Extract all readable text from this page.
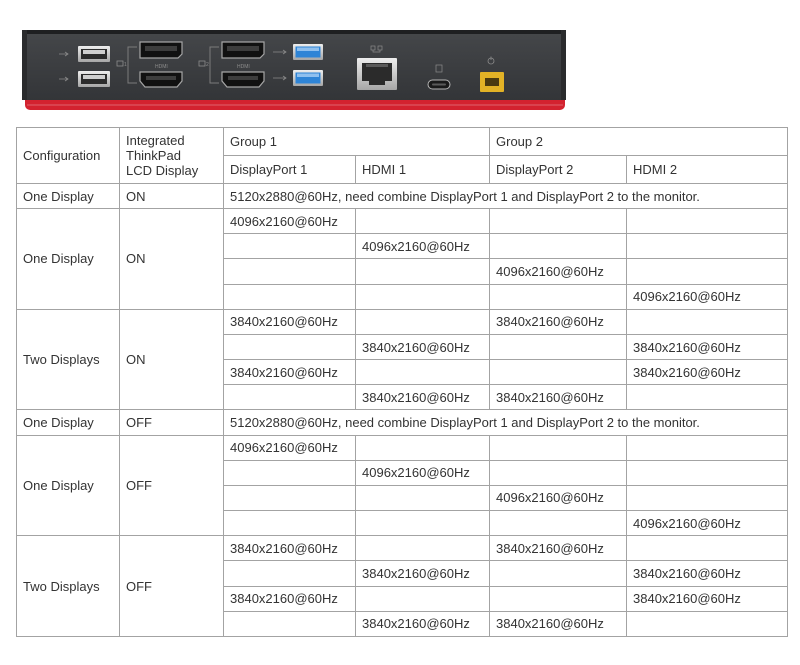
1	HDMI	2	HDMI
Configuration	Integrated
ThinkPad
LCD Display	Group 1		Group 2	
		DisplayPort 1	HDMI 1	DisplayPort 2	HDMI 2
One Display	ON	5120x2880@60Hz, need combine DisplayPort 1 and DisplayPort 2 to the monitor.			
One Display	ON	4096x2160@60Hz			
			4096x2160@60Hz		
				4096x2160@60Hz	
					4096x2160@60Hz
Two Displays	ON	3840x2160@60Hz		3840x2160@60Hz	
			3840x2160@60Hz		3840x2160@60Hz
		3840x2160@60Hz			3840x2160@60Hz
			3840x2160@60Hz	3840x2160@60Hz	
One Display	OFF	5120x2880@60Hz, need combine DisplayPort 1 and DisplayPort 2 to the monitor.			
One Display	OFF	4096x2160@60Hz			
			4096x2160@60Hz		
				4096x2160@60Hz	
					4096x2160@60Hz
Two Displays	OFF	3840x2160@60Hz		3840x2160@60Hz	
			3840x2160@60Hz		3840x2160@60Hz
		3840x2160@60Hz			3840x2160@60Hz
			3840x2160@60Hz	3840x2160@60Hz	
